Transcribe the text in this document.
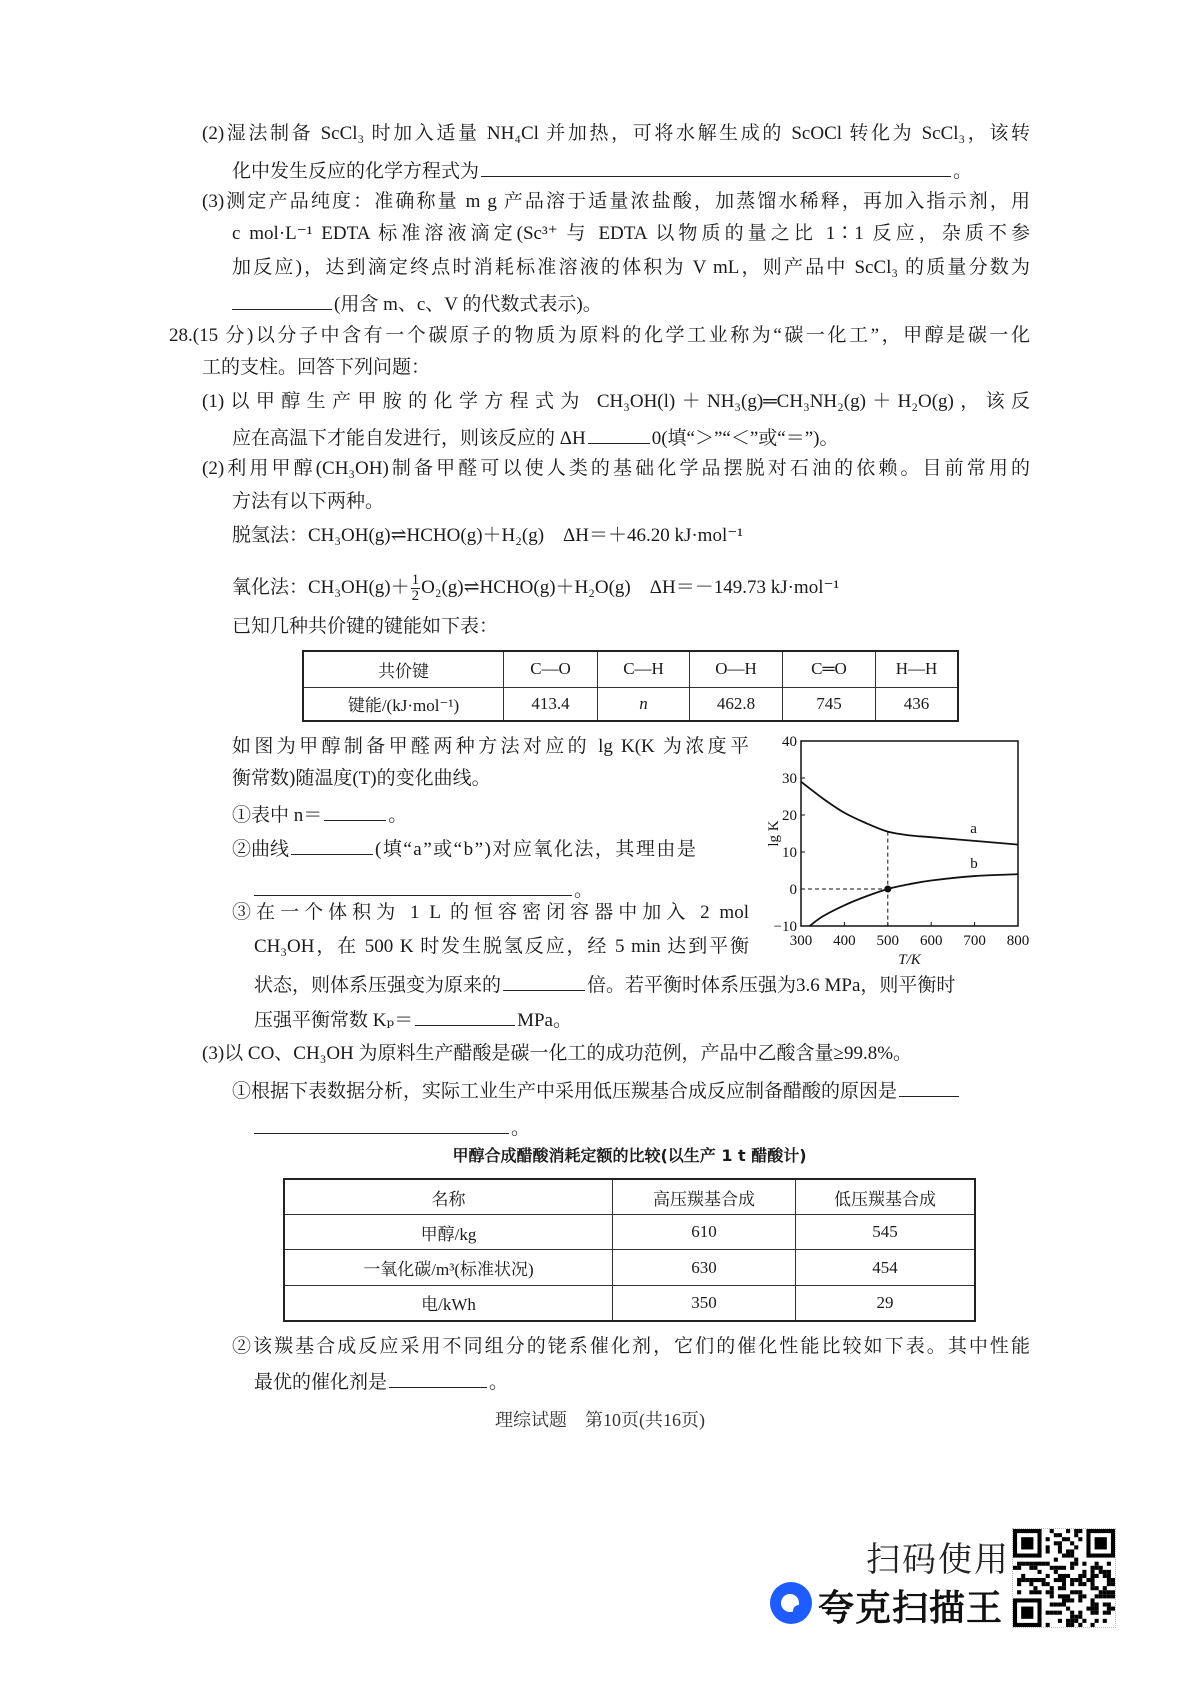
(2)湿法制备 ScCl₃ 时加入适量 NH₄Cl 并加热，可将水解生成的 ScOCl 转化为 ScCl₃，该转
化中发生反应的化学方程式为	。
(3)测定产品纯度：准确称量 m g 产品溶于适量浓盐酸，加蒸馏水稀释，再加入指示剂，用
c mol·L⁻¹ EDTA 标准溶液滴定(Sc³⁺ 与 EDTA 以物质的量之比 1∶1 反应，杂质不参
加反应)，达到滴定终点时消耗标准溶液的体积为 V mL，则产品中 ScCl₃ 的质量分数为
(用含 m、c、V 的代数式表示)。
28.(15 分)以分子中含有一个碳原子的物质为原料的化学工业称为“碳一化工”，甲醇是碳一化
工的支柱。回答下列问题：
(1)以甲醇生产甲胺的化学方程式为 CH₃OH(l)＋NH₃(g)═CH₃NH₂(g)＋H₂O(g)，该反
应在高温下才能自发进行，则该反应的 ΔH	0(填“＞”“＜”或“＝”)。
(2)利用甲醇(CH₃OH)制备甲醛可以使人类的基础化学品摆脱对石油的依赖。目前常用的
方法有以下两种。
脱氢法：CH₃OH(g)⇌HCHO(g)＋H₂(g)　ΔH＝＋46.20 kJ·mol⁻¹
氧化法：$CH_3OH(g)+ \frac{1}{2}$ O₂(g)⇌HCHO(g)＋H₂O(g)　ΔH＝－149.73 kJ·mol⁻¹
已知几种共价键的键能如下表：
共价键	C—O	C—H	O—H	C═O	H—H
键能/(kJ·mol⁻¹)	413.4	n	462.8	745	436
如图为甲醇制备甲醛两种方法对应的 lg K(K 为浓度平
衡常数)随温度(T)的变化曲线。
①表中 n＝	。
②曲线	(填“a”或“b”)对应氧化法，其理由是
。
③在一个体积为 1 L 的恒容密闭容器中加入 2 mol
CH₃OH，在 500 K 时发生脱氢反应，经 5 min 达到平衡
状态，则体系压强变为原来的	倍。若平衡时体系压强为3.6 MPa，则平衡时
压强平衡常数 Kₚ＝	MPa。
40
30
20
10
0
−10
300 400 500 600 700 800
T/K
lg K	a
b
(3)以 CO、CH₃OH 为原料生产醋酸是碳一化工的成功范例，产品中乙酸含量≥99.8%。
①根据下表数据分析，实际工业生产中采用低压羰基合成反应制备醋酸的原因是
。
甲醇合成醋酸消耗定额的比较(以生产 1 t 醋酸计)
名称	高压羰基合成	低压羰基合成
甲醇/kg	610	545
一氧化碳/m³(标准状况)	630	454
电/kWh	350	29
②该羰基合成反应采用不同组分的铑系催化剂，它们的催化性能比较如下表。其中性能
最优的催化剂是	。
理综试题　第10页(共16页)
扫码使用
夸克扫描王
